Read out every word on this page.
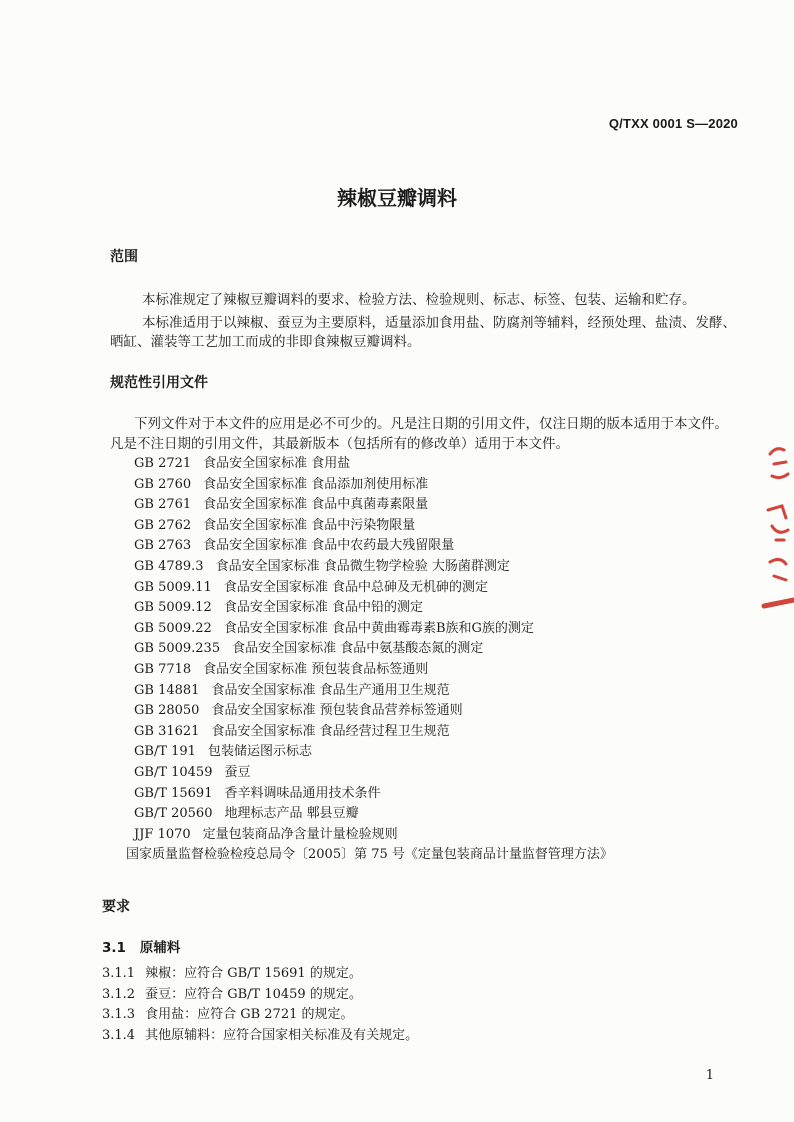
Q/TXX 0001 S—2020
辣椒豆瓣调料
范围
本标准规定了辣椒豆瓣调料的要求、检验方法、检验规则、标志、标签、包装、运输和贮存。
本标准适用于以辣椒、蚕豆为主要原料，适量添加食用盐、防腐剂等辅料，经预处理、盐渍、发酵、
晒缸、灌装等工艺加工而成的非即食辣椒豆瓣调料。
规范性引用文件
下列文件对于本文件的应用是必不可少的。凡是注日期的引用文件，仅注日期的版本适用于本文件。
凡是不注日期的引用文件，其最新版本（包括所有的修改单）适用于本文件。
GB 2721 食品安全国家标准 食用盐
GB 2760 食品安全国家标准 食品添加剂使用标准
GB 2761 食品安全国家标准 食品中真菌毒素限量
GB 2762 食品安全国家标准 食品中污染物限量
GB 2763 食品安全国家标准 食品中农药最大残留限量
GB 4789.3 食品安全国家标准 食品微生物学检验 大肠菌群测定
GB 5009.11 食品安全国家标准 食品中总砷及无机砷的测定
GB 5009.12 食品安全国家标准 食品中铅的测定
GB 5009.22 食品安全国家标准 食品中黄曲霉毒素B族和G族的测定
GB 5009.235 食品安全国家标准 食品中氨基酸态氮的测定
GB 7718 食品安全国家标准 预包装食品标签通则
GB 14881 食品安全国家标准 食品生产通用卫生规范
GB 28050 食品安全国家标准 预包装食品营养标签通则
GB 31621 食品安全国家标准 食品经营过程卫生规范
GB/T 191 包装储运图示标志
GB/T 10459 蚕豆
GB/T 15691 香辛料调味品通用技术条件
GB/T 20560 地理标志产品 郫县豆瓣
JJF 1070 定量包装商品净含量计量检验规则
国家质量监督检验检疫总局令〔2005〕第 75 号《定量包装商品计量监督管理方法》
要求
3.1 原辅料
3.1.1 辣椒：应符合 GB/T 15691 的规定。
3.1.2 蚕豆：应符合 GB/T 10459 的规定。
3.1.3 食用盐：应符合 GB 2721 的规定。
3.1.4 其他原辅料：应符合国家相关标准及有关规定。
1
